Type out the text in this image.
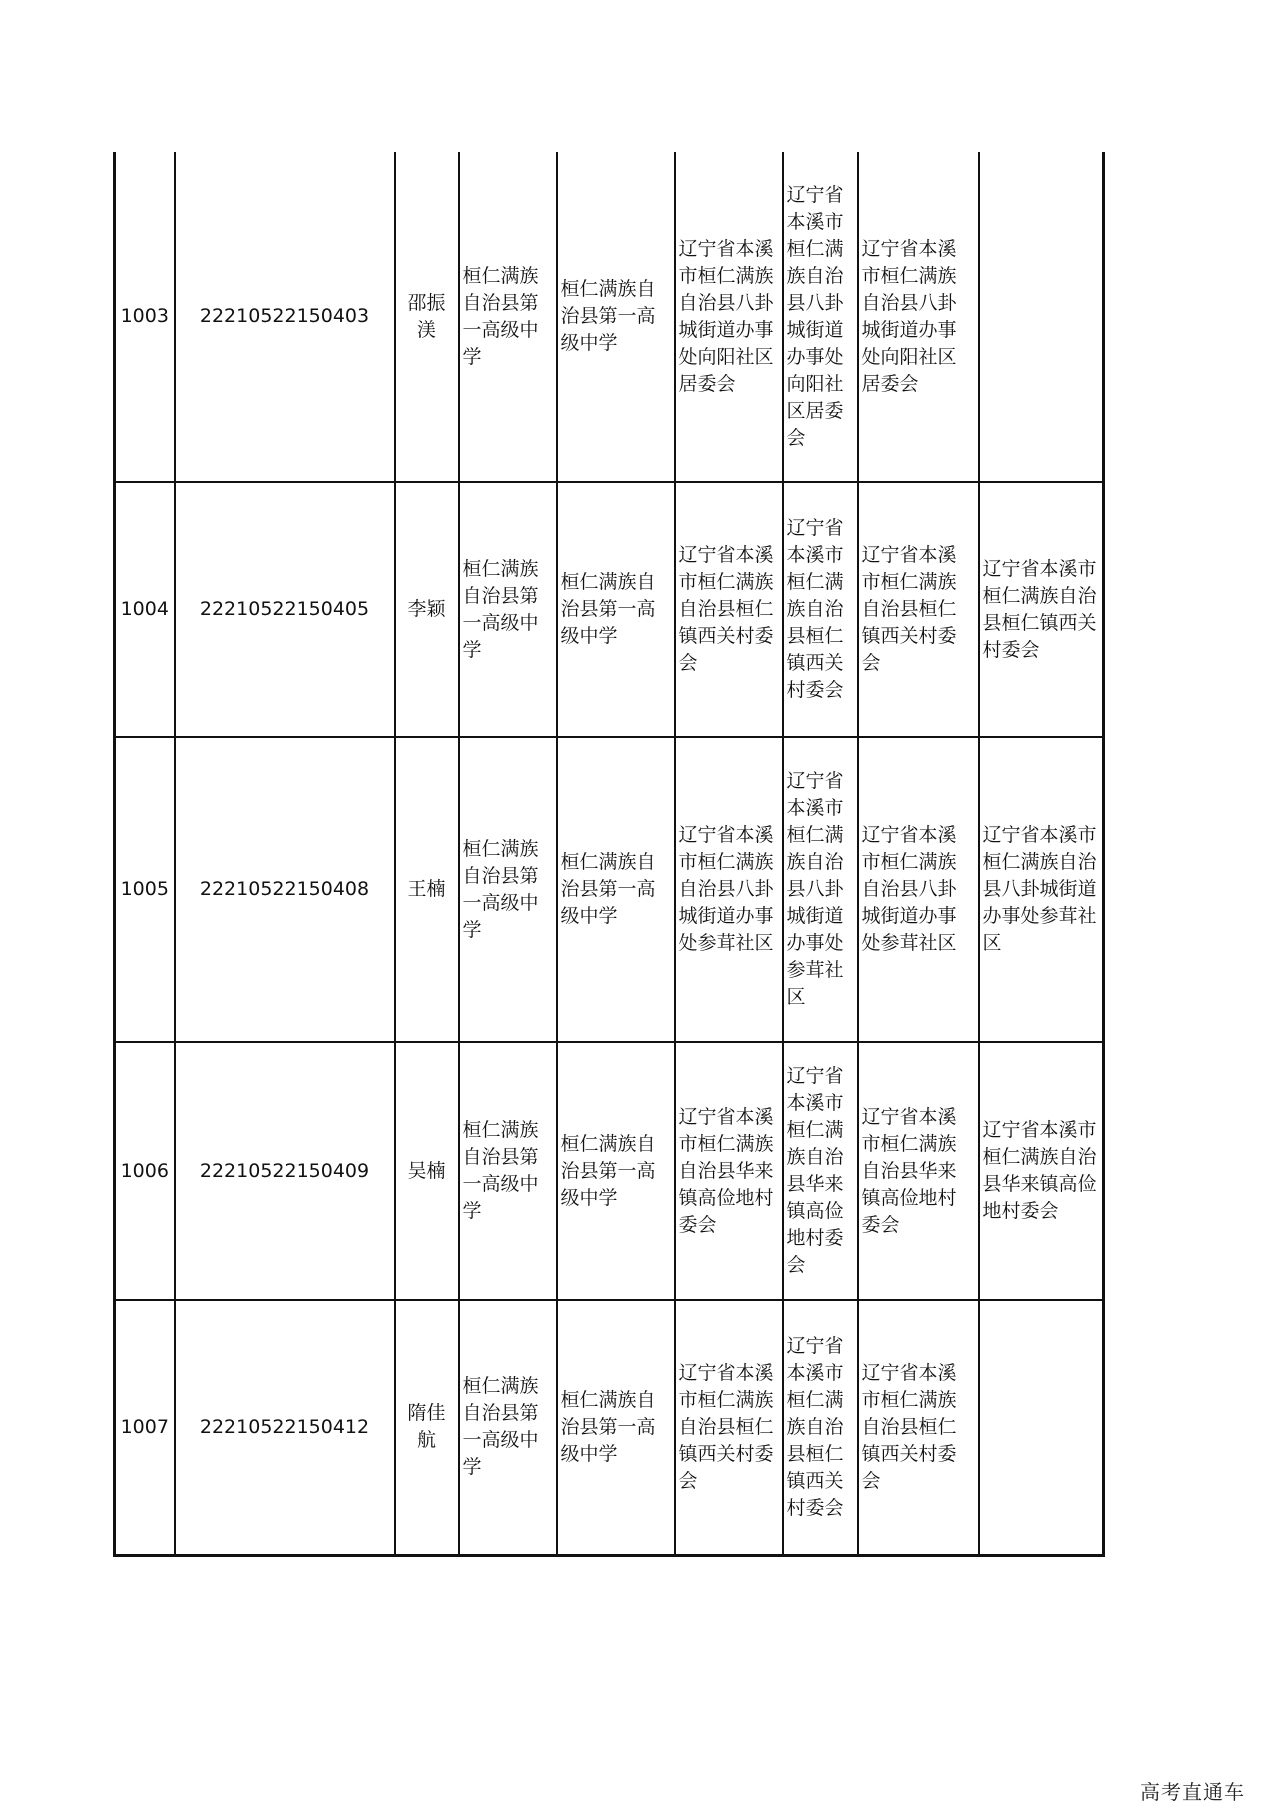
1003	22210522150403	邵振渼	桓仁满族自治县第一高级中学	桓仁满族自治县第一高级中学	辽宁省本溪市桓仁满族自治县八卦城街道办事处向阳社区居委会	辽宁省本溪市桓仁满族自治县八卦城街道办事处向阳社区居委会	辽宁省本溪市桓仁满族自治县八卦城街道办事处向阳社区居委会	
1004	22210522150405	李颖	桓仁满族自治县第一高级中学	桓仁满族自治县第一高级中学	辽宁省本溪市桓仁满族自治县桓仁镇西关村委会	辽宁省本溪市桓仁满族自治县桓仁镇西关村委会	辽宁省本溪市桓仁满族自治县桓仁镇西关村委会	辽宁省本溪市桓仁满族自治县桓仁镇西关村委会
1005	22210522150408	王楠	桓仁满族自治县第一高级中学	桓仁满族自治县第一高级中学	辽宁省本溪市桓仁满族自治县八卦城街道办事处参茸社区	辽宁省本溪市桓仁满族自治县八卦城街道办事处参茸社区	辽宁省本溪市桓仁满族自治县八卦城街道办事处参茸社区	辽宁省本溪市桓仁满族自治县八卦城街道办事处参茸社区
1006	22210522150409	吴楠	桓仁满族自治县第一高级中学	桓仁满族自治县第一高级中学	辽宁省本溪市桓仁满族自治县华来镇高俭地村委会	辽宁省本溪市桓仁满族自治县华来镇高俭地村委会	辽宁省本溪市桓仁满族自治县华来镇高俭地村委会	辽宁省本溪市桓仁满族自治县华来镇高俭地村委会
1007	22210522150412	隋佳航	桓仁满族自治县第一高级中学	桓仁满族自治县第一高级中学	辽宁省本溪市桓仁满族自治县桓仁镇西关村委会	辽宁省本溪市桓仁满族自治县桓仁镇西关村委会	辽宁省本溪市桓仁满族自治县桓仁镇西关村委会	
高考直通车
